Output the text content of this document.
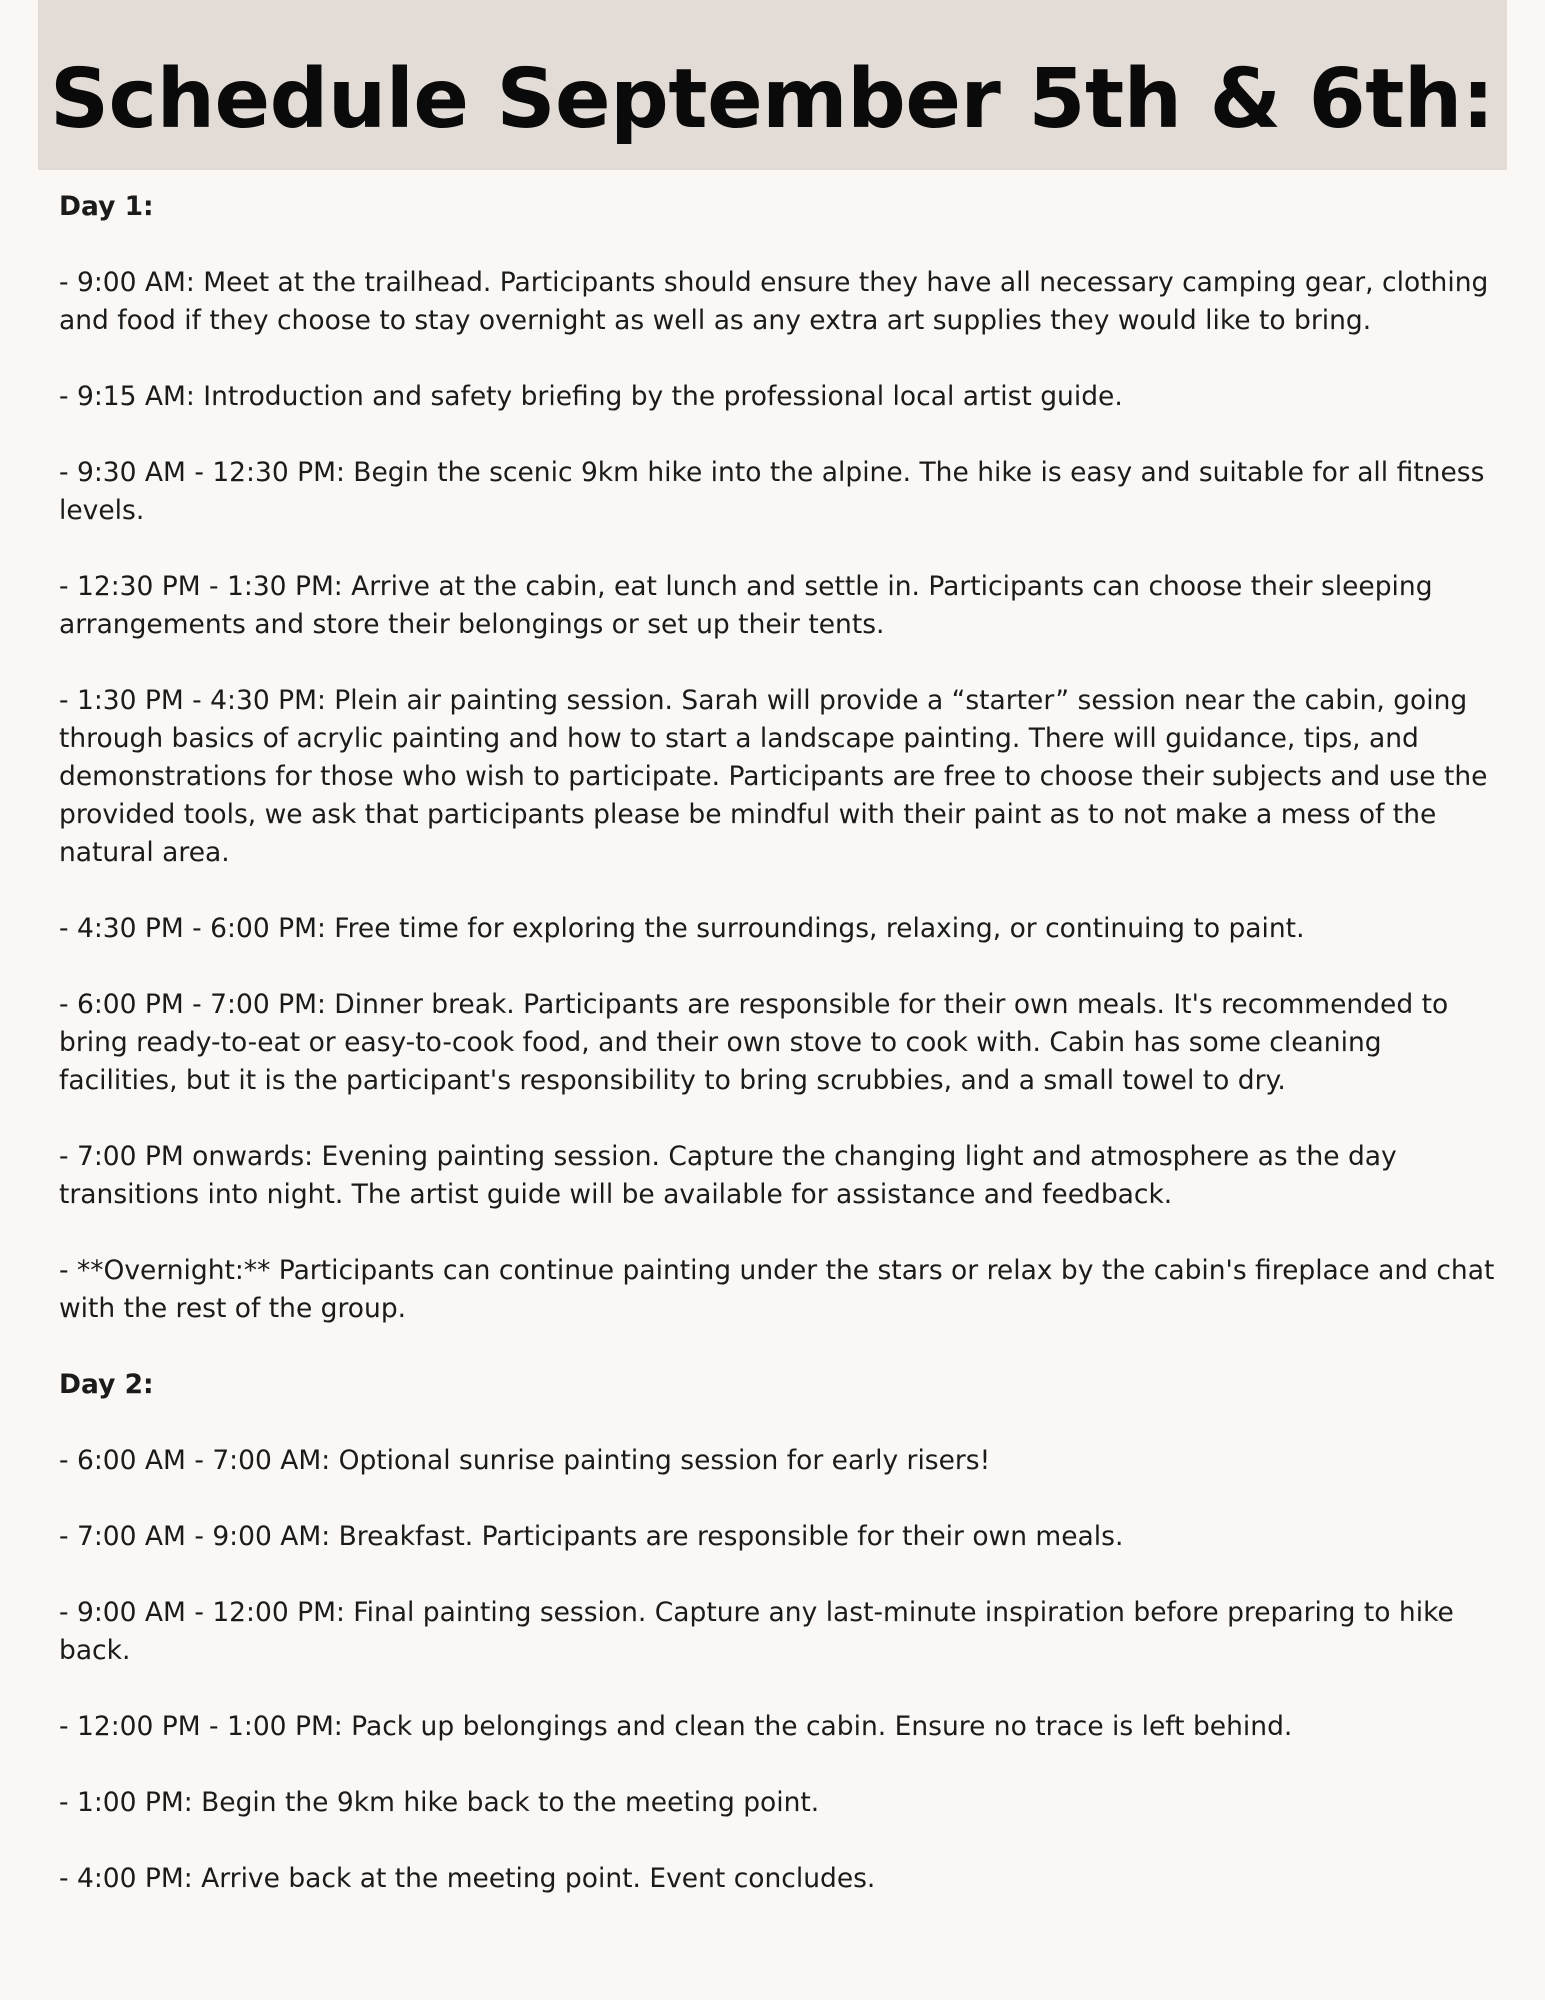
Schedule September 5th & 6th:

Day 1:

- 9:00 AM: Meet at the trailhead. Participants should ensure they have all necessary camping gear, clothing and food if they choose to stay overnight as well as any extra art supplies they would like to bring.

- 9:15 AM: Introduction and safety briefing by the professional local artist guide.

- 9:30 AM - 12:30 PM: Begin the scenic 9km hike into the alpine. The hike is easy and suitable for all fitness levels.

- 12:30 PM - 1:30 PM: Arrive at the cabin, eat lunch and settle in. Participants can choose their sleeping arrangements and store their belongings or set up their tents.

- 1:30 PM - 4:30 PM: Plein air painting session. Sarah will provide a “starter” session near the cabin, going through basics of acrylic painting and how to start a landscape painting. There will guidance, tips, and demonstrations for those who wish to participate. Participants are free to choose their subjects and use the provided tools, we ask that participants please be mindful with their paint as to not make a mess of the natural area.

- 4:30 PM - 6:00 PM: Free time for exploring the surroundings, relaxing, or continuing to paint.

- 6:00 PM - 7:00 PM: Dinner break. Participants are responsible for their own meals. It's recommended to bring ready-to-eat or easy-to-cook food, and their own stove to cook with. Cabin has some cleaning facilities, but it is the participant's responsibility to bring scrubbies, and a small towel to dry.

- 7:00 PM onwards: Evening painting session. Capture the changing light and atmosphere as the day transitions into night. The artist guide will be available for assistance and feedback.

- **Overnight:** Participants can continue painting under the stars or relax by the cabin's fireplace and chat with the rest of the group.

Day 2:

- 6:00 AM - 7:00 AM: Optional sunrise painting session for early risers!

- 7:00 AM - 9:00 AM: Breakfast. Participants are responsible for their own meals.

- 9:00 AM - 12:00 PM: Final painting session. Capture any last-minute inspiration before preparing to hike back.

- 12:00 PM - 1:00 PM: Pack up belongings and clean the cabin. Ensure no trace is left behind.

- 1:00 PM: Begin the 9km hike back to the meeting point.

- 4:00 PM: Arrive back at the meeting point. Event concludes.
